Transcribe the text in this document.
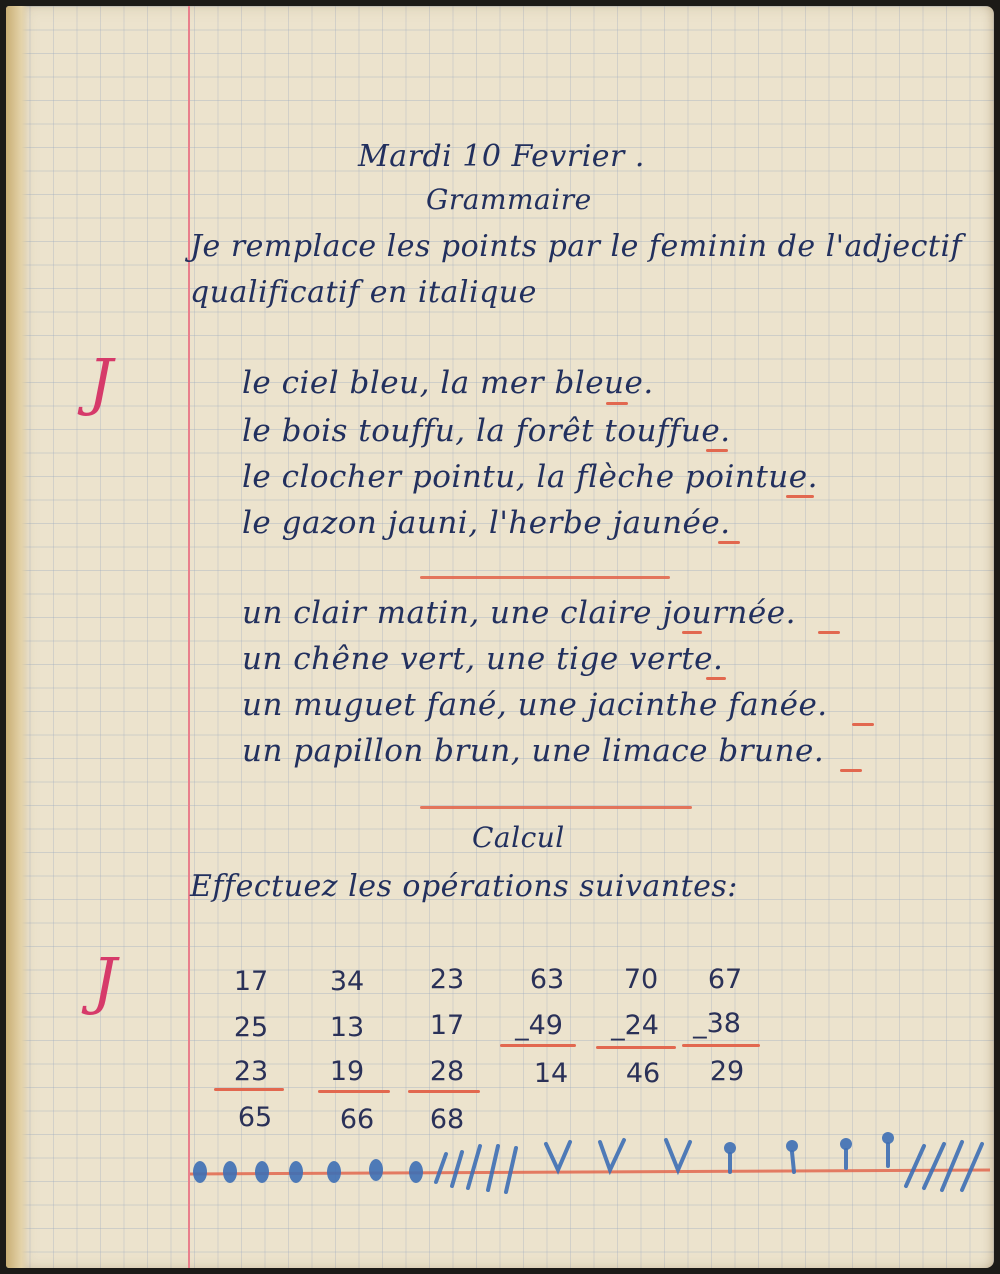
Mardi 10 Fevrier .
Grammaire
Je remplace les points par le feminin de l'adjectif
qualificatif en italique
J	le ciel bleu, la mer bleue.
le bois touffu, la forêt touffue.
le clocher pointu, la flèche pointue.
le gazon jauni, l'herbe jaunée.
un clair matin, une claire journée.
un chêne vert, une tige verte.
un muguet fané, une jacinthe fanée.
un papillon brun, une limace brune.
Calcul
Effectuez les opérations suivantes:
J	17
25
23
65
34
13
19
66
23
17
28
68
63
_49
14
70
_24
46
67
_38
29
